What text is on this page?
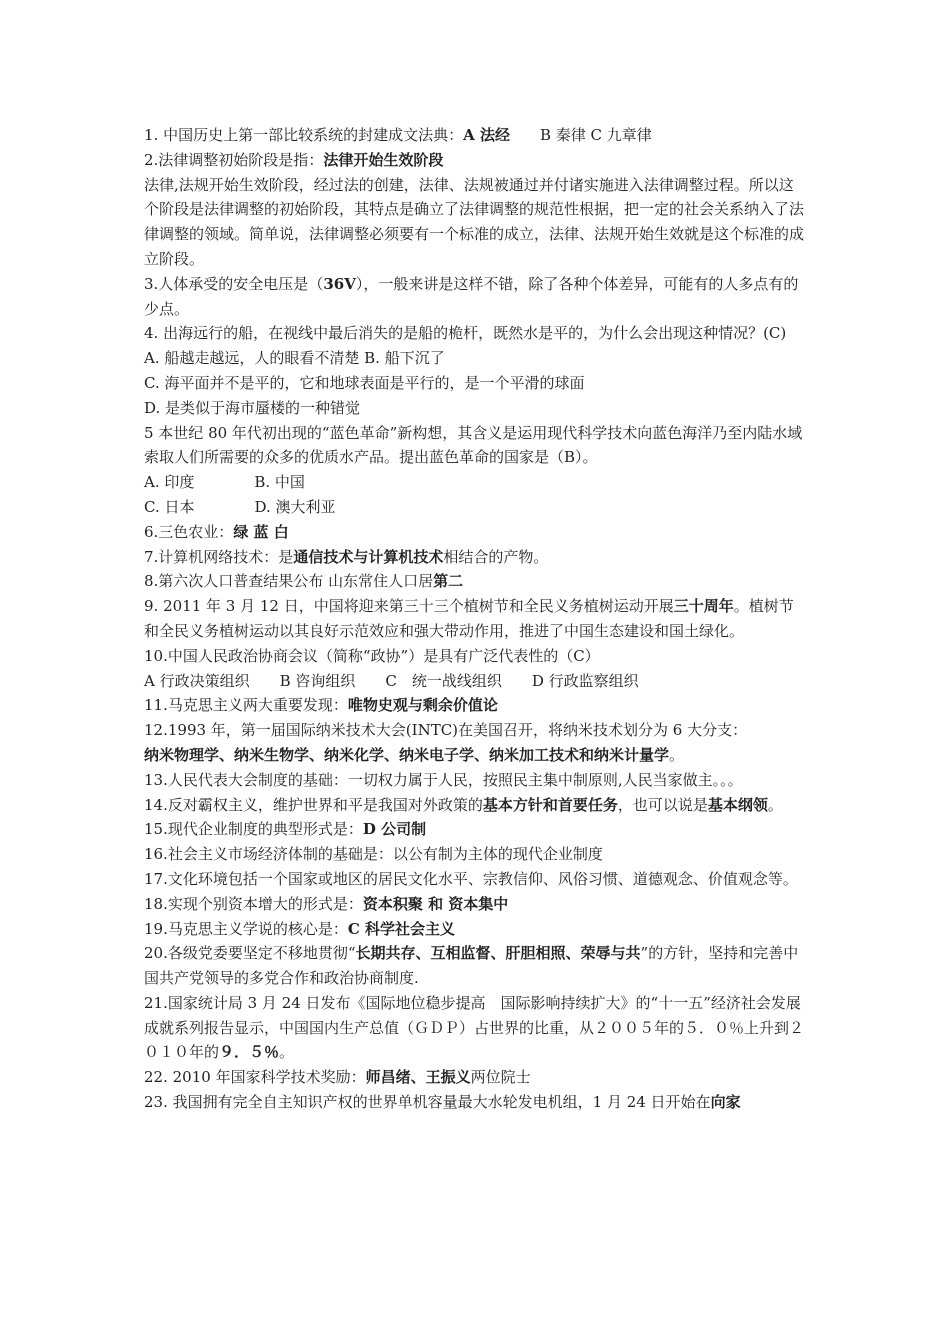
1. 中国历史上第一部比较系统的封建成文法典：A 法经　　B 秦律 C 九章律

2.法律调整初始阶段是指：法律开始生效阶段

法律,法规开始生效阶段，经过法的创建，法律、法规被通过并付诸实施进入法律调整过程。所以这个阶段是法律调整的初始阶段，其特点是确立了法律调整的规范性根据，把一定的社会关系纳入了法律调整的领域。简单说，法律调整必须要有一个标准的成立，法律、法规开始生效就是这个标准的成立阶段。

3.人体承受的安全电压是（36V），一般来讲是这样不错，除了各种个体差异，可能有的人多点有的少点。

4. 出海远行的船，在视线中最后消失的是船的桅杆，既然水是平的，为什么会出现这种情况？(C)

A. 船越走越远，人的眼看不清楚 B. 船下沉了

C. 海平面并不是平的，它和地球表面是平行的，是一个平滑的球面

D. 是类似于海市蜃楼的一种错觉

5 本世纪 80 年代初出现的“蓝色革命”新构想，其含义是运用现代科学技术向蓝色海洋乃至内陆水域索取人们所需要的众多的优质水产品。提出蓝色革命的国家是（B）。

A. 印度　　　　B. 中国

C. 日本　　　　D. 澳大利亚

6.三色农业：绿 蓝 白

7.计算机网络技术：是通信技术与计算机技术相结合的产物。

8.第六次人口普查结果公布 山东常住人口居第二

9. 2011 年 3 月 12 日，中国将迎来第三十三个植树节和全民义务植树运动开展三十周年。植树节和全民义务植树运动以其良好示范效应和强大带动作用，推进了中国生态建设和国土绿化。

10.中国人民政治协商会议（简称“政协”）是具有广泛代表性的（C）

A 行政决策组织　　B 咨询组织　　C　统一战线组织　　D 行政监察组织

11.马克思主义两大重要发现：唯物史观与剩余价值论

12.1993 年，第一届国际纳米技术大会(INTC)在美国召开，将纳米技术划分为 6 大分支：

纳米物理学、纳米生物学、纳米化学、纳米电子学、纳米加工技术和纳米计量学。

13.人民代表大会制度的基础：一切权力属于人民，按照民主集中制原则,人民当家做主。。。

14.反对霸权主义，维护世界和平是我国对外政策的基本方针和首要任务，也可以说是基本纲领。

15.现代企业制度的典型形式是：D 公司制

16.社会主义市场经济体制的基础是：以公有制为主体的现代企业制度

17.文化环境包括一个国家或地区的居民文化水平、宗教信仰、风俗习惯、道德观念、价值观念等。

18.实现个别资本增大的形式是：资本积聚 和 资本集中

19.马克思主义学说的核心是：C 科学社会主义

20.各级党委要坚定不移地贯彻“长期共存、互相监督、肝胆相照、荣辱与共”的方针，坚持和完善中国共产党领导的多党合作和政治协商制度.

21.国家统计局 3 月 24 日发布《国际地位稳步提高　国际影响持续扩大》的“十一五”经济社会发展成就系列报告显示，中国国内生产总值（ＧＤＰ）占世界的比重，从２００５年的５．０％上升到２０１０年的９．５％。

22. 2010 年国家科学技术奖励：师昌绪、王振义两位院士

23. 我国拥有完全自主知识产权的世界单机容量最大水轮发电机组，1 月 24 日开始在向家
